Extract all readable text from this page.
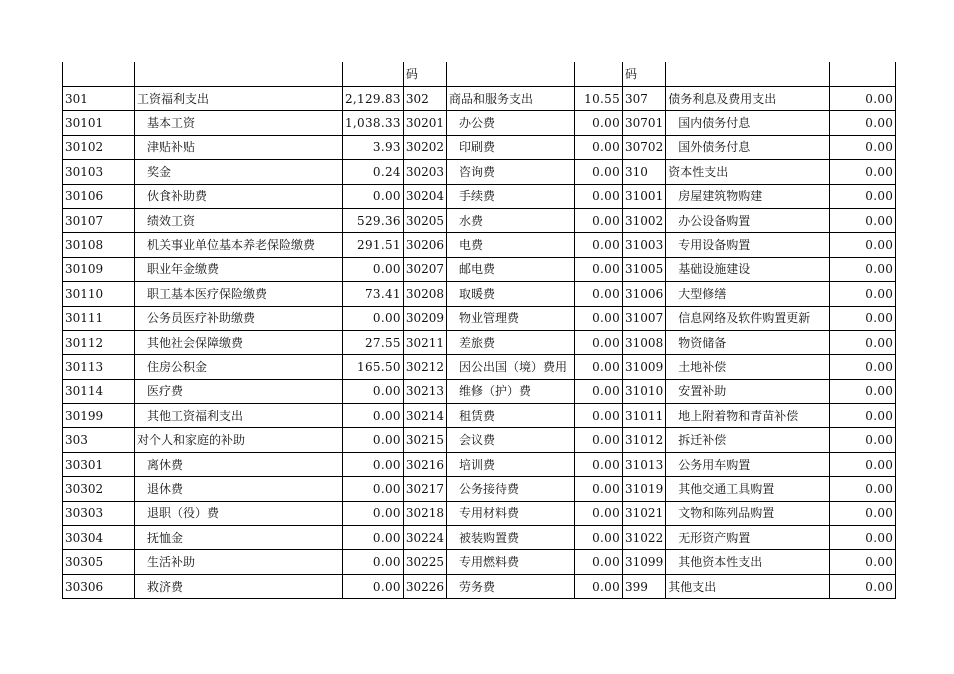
			码			码		
301	工资福利支出	2,129.83	302	商品和服务支出	10.55	307	债务利息及费用支出	0.00
30101	基本工资	1,038.33	30201	办公费	0.00	30701	国内债务付息	0.00
30102	津贴补贴	3.93	30202	印刷费	0.00	30702	国外债务付息	0.00
30103	奖金	0.24	30203	咨询费	0.00	310	资本性支出	0.00
30106	伙食补助费	0.00	30204	手续费	0.00	31001	房屋建筑物购建	0.00
30107	绩效工资	529.36	30205	水费	0.00	31002	办公设备购置	0.00
30108	机关事业单位基本养老保险缴费	291.51	30206	电费	0.00	31003	专用设备购置	0.00
30109	职业年金缴费	0.00	30207	邮电费	0.00	31005	基础设施建设	0.00
30110	职工基本医疗保险缴费	73.41	30208	取暖费	0.00	31006	大型修缮	0.00
30111	公务员医疗补助缴费	0.00	30209	物业管理费	0.00	31007	信息网络及软件购置更新	0.00
30112	其他社会保障缴费	27.55	30211	差旅费	0.00	31008	物资储备	0.00
30113	住房公积金	165.50	30212	因公出国（境）费用	0.00	31009	土地补偿	0.00
30114	医疗费	0.00	30213	维修（护）费	0.00	31010	安置补助	0.00
30199	其他工资福利支出	0.00	30214	租赁费	0.00	31011	地上附着物和青苗补偿	0.00
303	对个人和家庭的补助	0.00	30215	会议费	0.00	31012	拆迁补偿	0.00
30301	离休费	0.00	30216	培训费	0.00	31013	公务用车购置	0.00
30302	退休费	0.00	30217	公务接待费	0.00	31019	其他交通工具购置	0.00
30303	退职（役）费	0.00	30218	专用材料费	0.00	31021	文物和陈列品购置	0.00
30304	抚恤金	0.00	30224	被装购置费	0.00	31022	无形资产购置	0.00
30305	生活补助	0.00	30225	专用燃料费	0.00	31099	其他资本性支出	0.00
30306	救济费	0.00	30226	劳务费	0.00	399	其他支出	0.00
